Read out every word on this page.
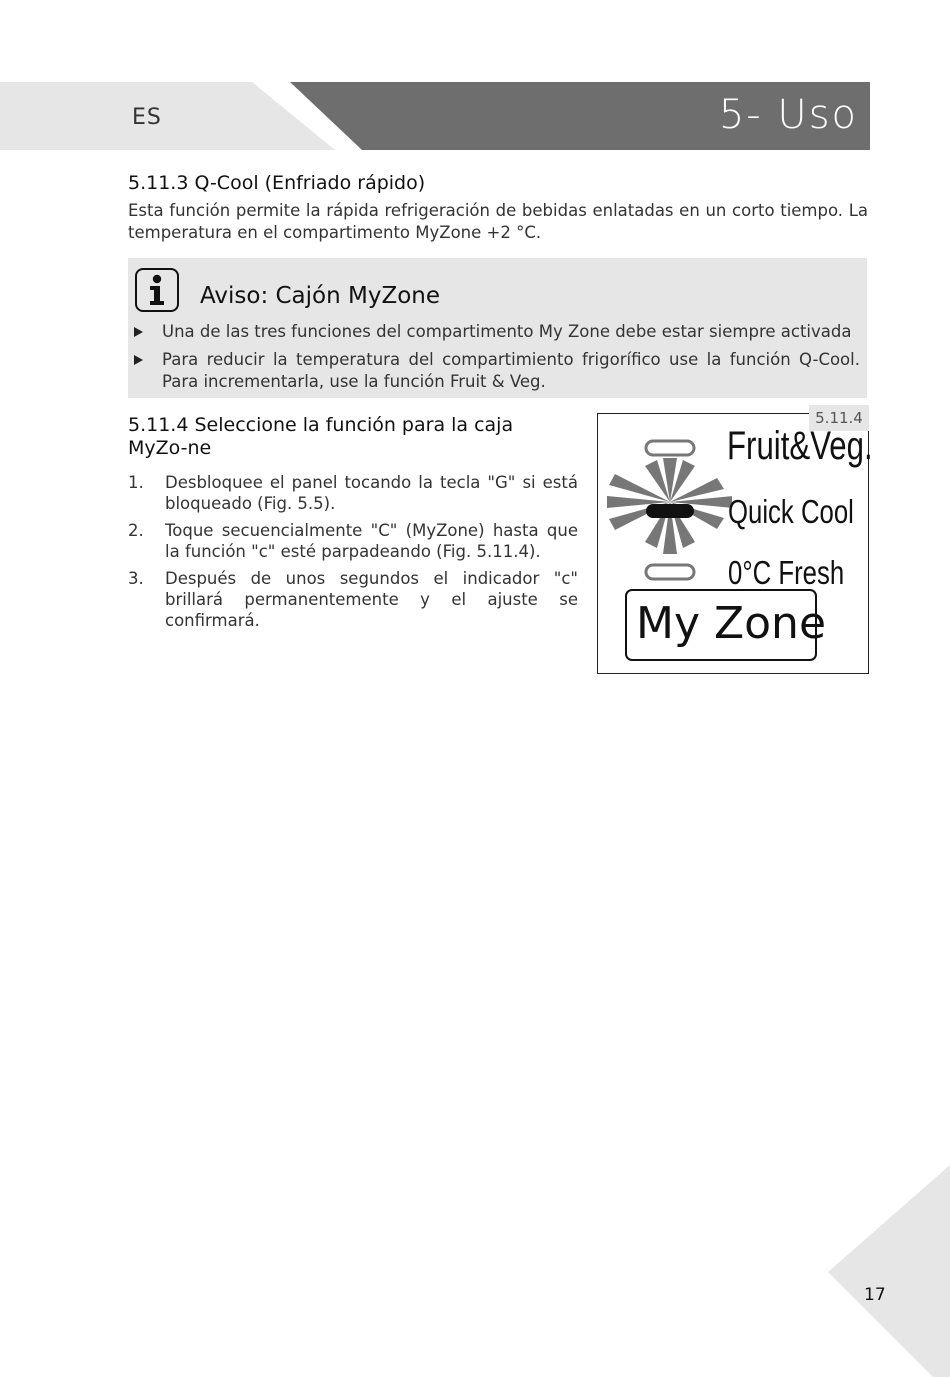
ES	5- Uso
5.11.3 Q-Cool (Enfriado rápido)

Esta función permite la rápida refrigeración de bebidas enlatadas en un corto tiempo. La temperatura en el compartimento MyZone +2 °C.

Aviso: Cajón MyZone
Una de las tres funciones del compartimento My Zone debe estar siempre activada
Para reducir la temperatura del compartimiento frigorífico use la función Q-Cool. Para incrementarla, use la función Fruit & Veg.
5.11.4 Seleccione la función para la caja MyZo-ne
1. Desbloquee el panel tocando la tecla "G" si está bloqueado (Fig. 5.5).
2. Toque secuencialmente "C" (MyZone) hasta que la función "c" esté parpadeando (Fig. 5.11.4).
3. Después de unos segundos el indicador "c" brillará permanentemente y el ajuste se confirmará.
5.11.4
Fruit&Veg.
Quick Cool
0°C Fresh
My Zone
17
